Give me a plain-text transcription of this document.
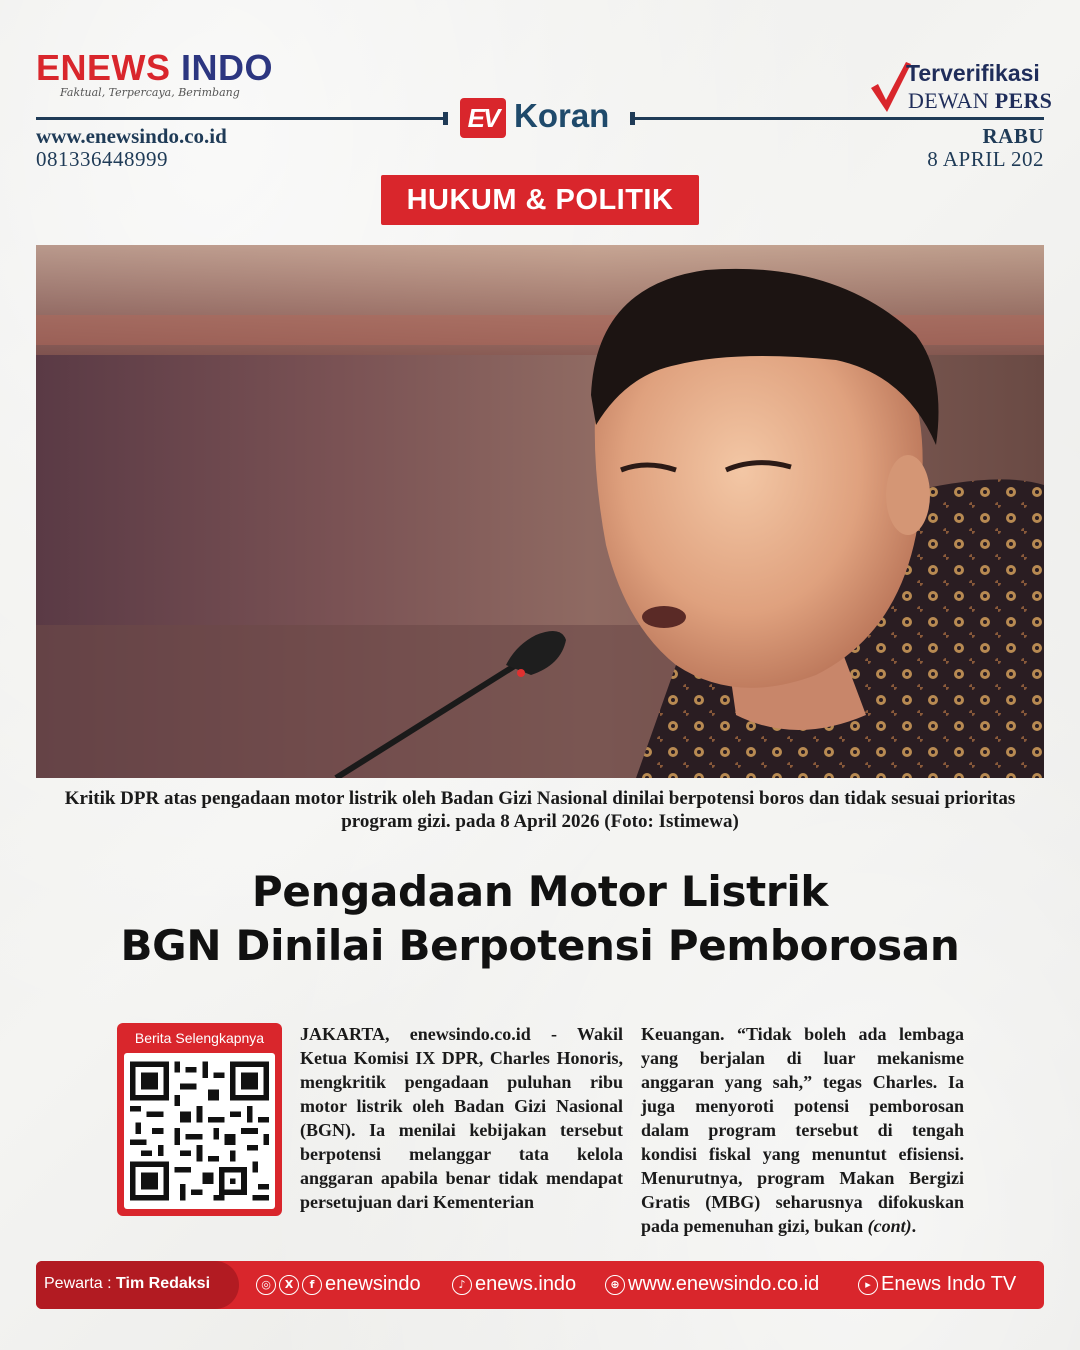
ENEWS INDO
Faktual, Terpercaya, Berimbang
www.enewsindo.co.id
081336448999
EV Koran
Terverifikasi
DEWAN PERS
RABU
8 APRIL 202
HUKUM & POLITIK
Kritik DPR atas pengadaan motor listrik oleh Badan Gizi Nasional dinilai berpotensi boros dan tidak sesuai prioritas program gizi. pada 8 April 2026 (Foto: Istimewa)
Pengadaan Motor Listrik
BGN Dinilai Berpotensi Pemborosan
Berita Selengkapnya	JAKARTA, enewsindo.co.id - Wakil Ketua Komisi IX DPR, Charles Honoris, mengkritik pengadaan puluhan ribu motor listrik oleh Badan Gizi Nasional (BGN). Ia menilai kebijakan tersebut berpotensi melanggar tata kelola anggaran apabila benar tidak mendapat persetujuan dari Kementerian
Keuangan. “Tidak boleh ada lembaga yang berjalan di luar mekanisme anggaran yang sah,” tegas Charles. Ia juga menyoroti potensi pemborosan dalam program tersebut di tengah kondisi fiskal yang menuntut efisiensi. Menurutnya, program Makan Bergizi Gratis (MBG) seharusnya difokuskan pada pemenuhan gizi, bukan (cont).
Pewarta : Tim Redaksi	◎	X	f enewsindo	♪ enews.indo	⊕ www.enewsindo.co.id	▸ Enews Indo TV
